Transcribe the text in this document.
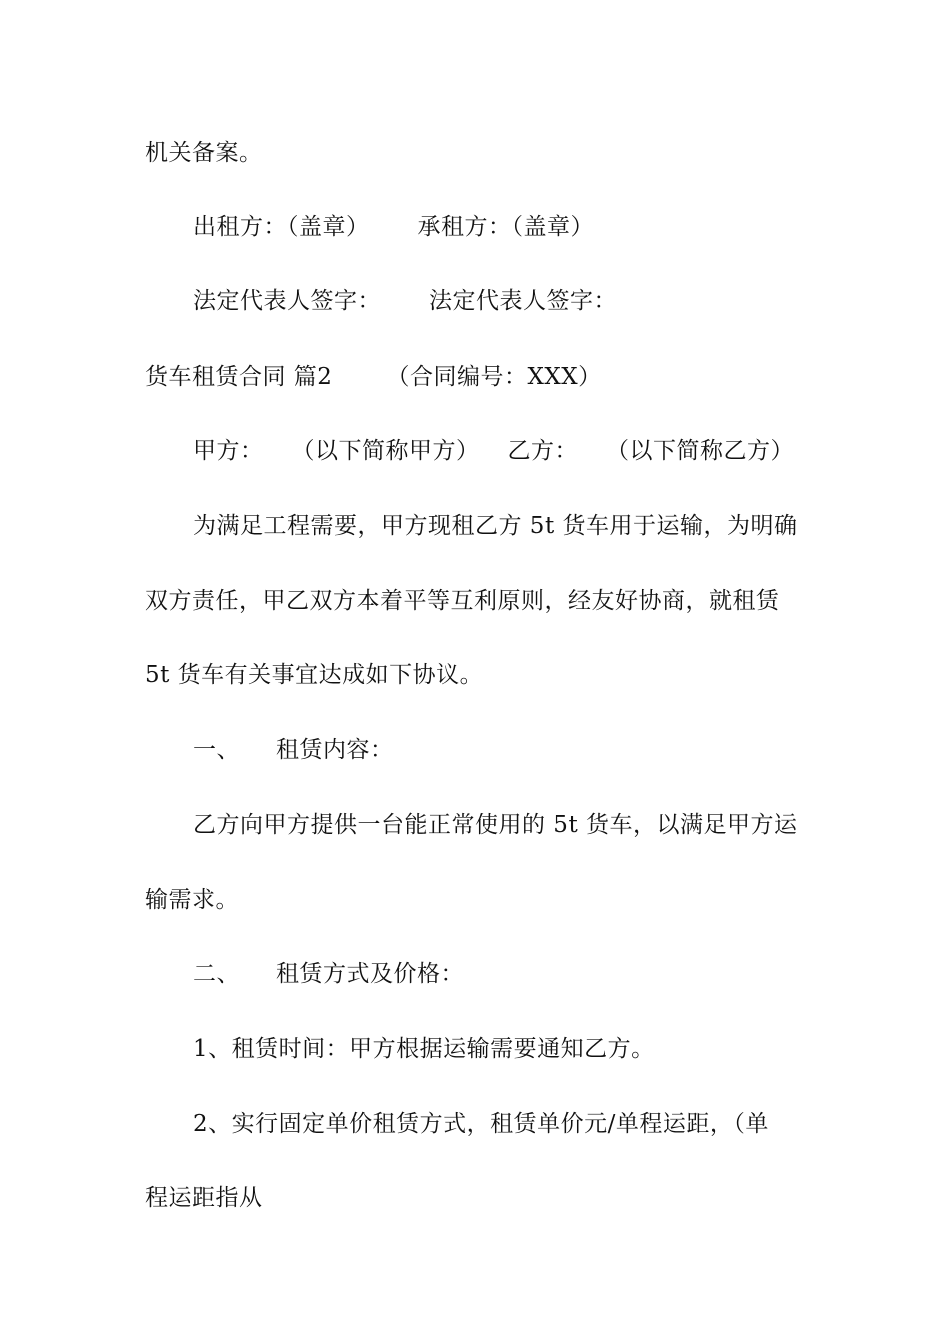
机关备案。
出租方：（盖章） 承租方：（盖章）
法定代表人签字： 法定代表人签字：
货车租赁合同 篇2 （合同编号：XXX）
甲方： （以下简称甲方） 乙方： （以下简称乙方）
为满足工程需要，甲方现租乙方 5t 货车用于运输，为明确
双方责任，甲乙双方本着平等互利原则，经友好协商，就租赁
5t 货车有关事宜达成如下协议。
一、 租赁内容：
乙方向甲方提供一台能正常使用的 5t 货车，以满足甲方运
输需求。
二、 租赁方式及价格：
1、租赁时间：甲方根据运输需要通知乙方。
2、实行固定单价租赁方式，租赁单价元/单程运距，（单
程运距指从
